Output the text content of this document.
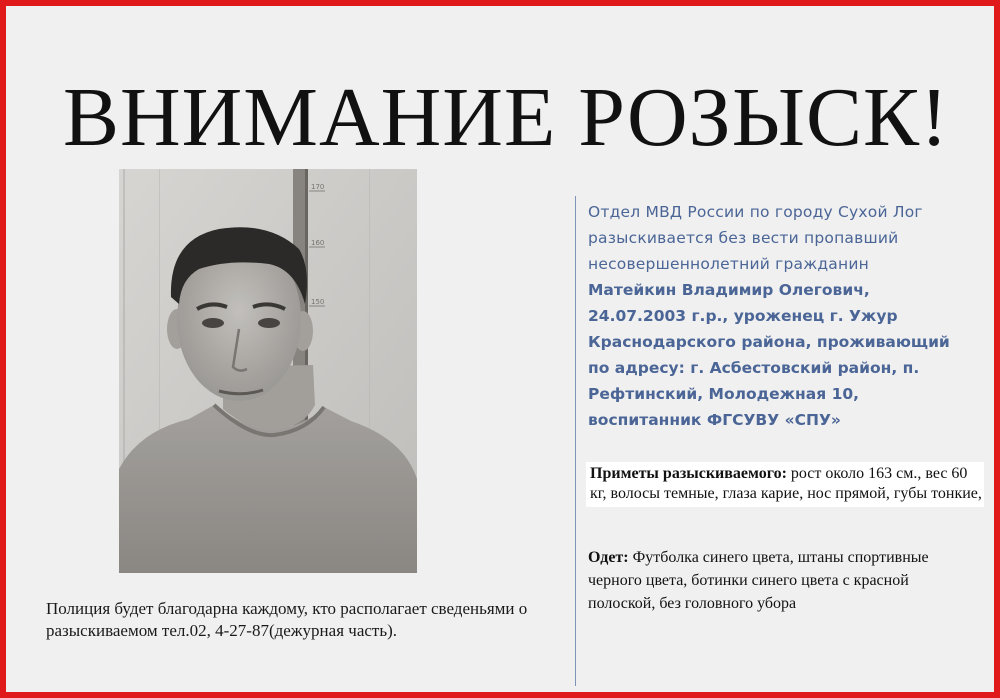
ВНИМАНИЕ РОЗЫСК!
170
160
150
Полиция будет благодарна каждому, кто располагает сведеньями о разыскиваемом тел.02, 4-27-87(дежурная часть).
Отдел МВД России по городу Сухой Лог
разыскивается без вести пропавший
несовершеннолетний гражданин
Матейкин Владимир Олегович,
24.07.2003 г.р., уроженец г. Ужур
Краснодарского района, проживающий
по адресу: г. Асбестовский район, п.
Рефтинский, Молодежная 10,
воспитанник ФГСУВУ «СПУ»
Приметы разыскиваемого: рост около 163 см., вес 60 кг, волосы темные, глаза карие, нос прямой, губы тонкие,
Одет: Футболка синего цвета, штаны спортивные черного цвета, ботинки синего цвета с красной полоской, без головного убора
